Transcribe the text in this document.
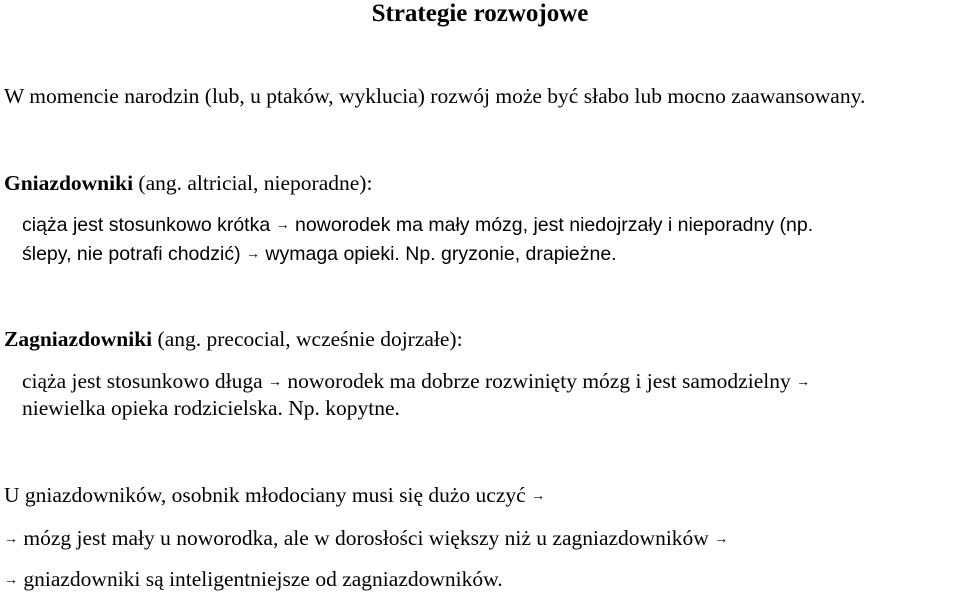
Strategie rozwojowe
W momencie narodzin (lub, u ptaków, wyklucia) rozwój może być słabo lub mocno zaawansowany.
Gniazdowniki (ang. altricial, nieporadne):
ciąża jest stosunkowo krótka → noworodek ma mały mózg, jest niedojrzały i nieporadny (np.
ślepy, nie potrafi chodzić) → wymaga opieki. Np. gryzonie, drapieżne.
Zagniazdowniki (ang. precocial, wcześnie dojrzałe):
ciąża jest stosunkowo długa → noworodek ma dobrze rozwinięty mózg i jest samodzielny →
niewielka opieka rodzicielska. Np. kopytne.
U gniazdowników, osobnik młodociany musi się dużo uczyć →
→ mózg jest mały u noworodka, ale w dorosłości większy niż u zagniazdowników →
→ gniazdowniki są inteligentniejsze od zagniazdowników.
